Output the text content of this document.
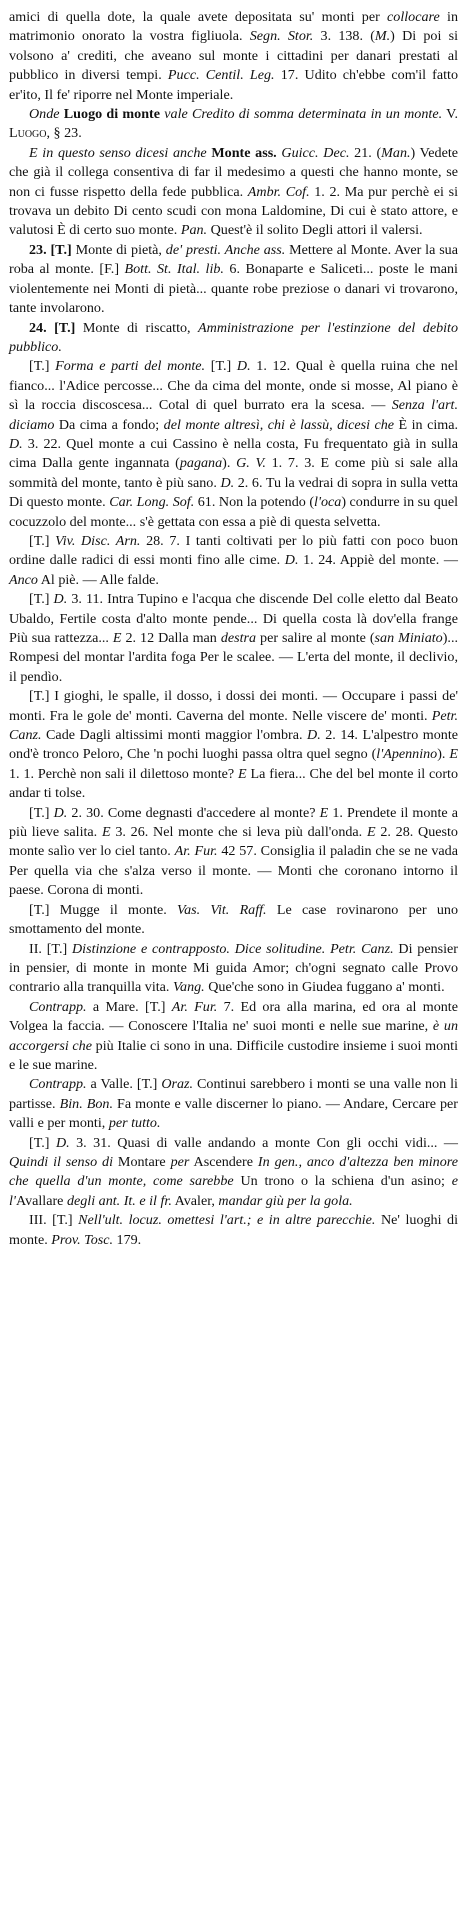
amici di quella dote, la quale avete depositata su' monti per collocare in matrimonio onorato la vostra figliuola. Segn. Stor. 3. 138. (M.) Di poi si volsono a' crediti, che aveano sul monte i cittadini per danari prestati al pubblico in diversi tempi. Pucc. Centil. Leg. 17. Udito ch'ebbe com'il fatto er'ito, Il fe' riporre nel Monte imperiale.

Onde Luogo di monte vale Credito di somma determinata in un monte. V. Luogo, § 23.

E in questo senso dicesi anche Monte ass. Guicc. Dec. 21. (Man.) Vedete che già il collega consentiva di far il medesimo a questi che hanno monte, se non ci fusse rispetto della fede pubblica. Ambr. Cof. 1. 2. Ma pur perchè ei si trovava un debito Di cento scudi con mona Laldomine, Di cui è stato attore, e valutosi È di certo suo monte. Pan. Quest'è il solito Degli attori il valersi.

23. [T.] Monte di pietà, de' presti. Anche ass. Mettere al Monte. Aver la sua roba al monte. [F.] Bott. St. Ital. lib. 6. Bonaparte e Saliceti... poste le mani violentemente nei Monti di pietà... quante robe preziose o danari vi trovarono, tante involarono.

24. [T.] Monte di riscatto, Amministrazione per l'estinzione del debito pubblico.

[T.] Forma e parti del monte. [T.] D. 1. 12. Qual è quella ruina che nel fianco... l'Adice percosse... Che da cima del monte, onde si mosse, Al piano è sì la roccia discoscesa... Cotal di quel burrato era la scesa. — Senza l'art. diciamo Da cima a fondo; del monte altresì, chi è lassù, dicesi che È in cima. D. 3. 22. Quel monte a cui Cassino è nella costa, Fu frequentato già in sulla cima Dalla gente ingannata (pagana). G. V. 1. 7. 3. E come più si sale alla sommità del monte, tanto è più sano. D. 2. 6. Tu la vedrai di sopra in sulla vetta Di questo monte. Car. Long. Sof. 61. Non la potendo (l'oca) condurre in su quel cocuzzolo del monte... s'è gettata con essa a piè di questa selvetta.

[T.] Viv. Disc. Arn. 28. 7. I tanti coltivati per lo più fatti con poco buon ordine dalle radici di essi monti fino alle cime. D. 1. 24. Appiè del monte. — Anco Al piè. — Alle falde.

[T.] D. 3. 11. Intra Tupino e l'acqua che discende Del colle eletto dal Beato Ubaldo, Fertile costa d'alto monte pende... Di quella costa là dov'ella frange Più sua rattezza... E 2. 12 Dalla man destra per salire al monte (san Miniato)... Rompesi del montar l'ardita foga Per le scalee. — L'erta del monte, il declivio, il pendìo.

[T.] I gioghi, le spalle, il dosso, i dossi dei monti. — Occupare i passi de' monti. Fra le gole de' monti. Caverna del monte. Nelle viscere de' monti. Petr. Canz. Cade Dagli altissimi monti maggior l'ombra. D. 2. 14. L'alpestro monte ond'è tronco Peloro, Che 'n pochi luoghi passa oltra quel segno (l'Apennino). E 1. 1. Perchè non sali il dilettoso monte? E La fiera... Che del bel monte il corto andar ti tolse.

[T.] D. 2. 30. Come degnasti d'accedere al monte? E 1. Prendete il monte a più lieve salita. E 3. 26. Nel monte che si leva più dall'onda. E 2. 28. Questo monte salìo ver lo ciel tanto. Ar. Fur. 42 57. Consiglia il paladin che se ne vada Per quella via che s'alza verso il monte. — Monti che coronano intorno il paese. Corona di monti.

[T.] Mugge il monte. Vas. Vit. Raff. Le case rovinarono per uno smottamento del monte.

II. [T.] Distinzione e contrapposto. Dice solitudine. Petr. Canz. Di pensier in pensier, di monte in monte Mi guida Amor; ch'ogni segnato calle Provo contrario alla tranquilla vita. Vang. Que'che sono in Giudea fuggano a' monti.

Contrapp. a Mare. [T.] Ar. Fur. 7. Ed ora alla marina, ed ora al monte Volgea la faccia. — Conoscere l'Italia ne' suoi monti e nelle sue marine, è un accorgersi che più Italie ci sono in una. Difficile custodire insieme i suoi monti e le sue marine.

Contrapp. a Valle. [T.] Oraz. Continui sarebbero i monti se una valle non li partisse. Bin. Bon. Fa monte e valle discerner lo piano. — Andare, Cercare per valli e per monti, per tutto.

[T.] D. 3. 31. Quasi di valle andando a monte Con gli occhi vidi... — Quindi il senso di Montare per Ascendere In gen., anco d'altezza ben minore che quella d'un monte, come sarebbe Un trono o la schiena d'un asino; e l'Avallare degli ant. It. e il fr. Avaler, mandar giù per la gola.

III. [T.] Nell'ult. locuz. omettesi l'art.; e in altre parecchie. Ne' luoghi di monte. Prov. Tosc. 179.
